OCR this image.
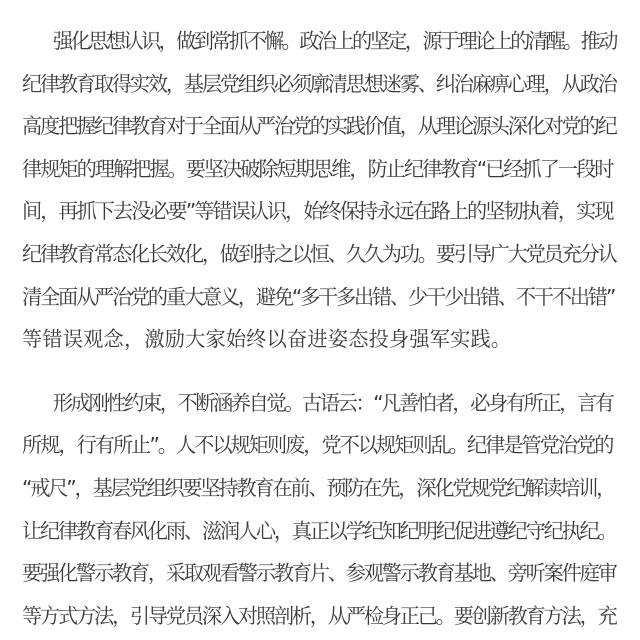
强化思想认识，做到常抓不懈。政治上的坚定，源于理论上的清醒。推动
纪律教育取得实效，基层党组织必须廓清思想迷雾、纠治麻痹心理，从政治
高度把握纪律教育对于全面从严治党的实践价值，从理论源头深化对党的纪
律规矩的理解把握。要坚决破除短期思维，防止纪律教育“已经抓了一段时
间，再抓下去没必要”等错误认识，始终保持永远在路上的坚韧执着，实现
纪律教育常态化长效化，做到持之以恒、久久为功。要引导广大党员充分认
清全面从严治党的重大意义，避免“多干多出错、少干少出错、不干不出错”
等错误观念，激励大家始终以奋进姿态投身强军实践。
形成刚性约束，不断涵养自觉。古语云：“凡善怕者，必身有所正，言有
所规，行有所止”。人不以规矩则废，党不以规矩则乱。纪律是管党治党的
“戒尺”，基层党组织要坚持教育在前、预防在先，深化党规党纪解读培训，
让纪律教育春风化雨、滋润人心，真正以学纪知纪明纪促进遵纪守纪执纪。
要强化警示教育，采取观看警示教育片、参观警示教育基地、旁听案件庭审
等方式方法，引导党员深入对照剖析，从严检身正己。要创新教育方法，充
